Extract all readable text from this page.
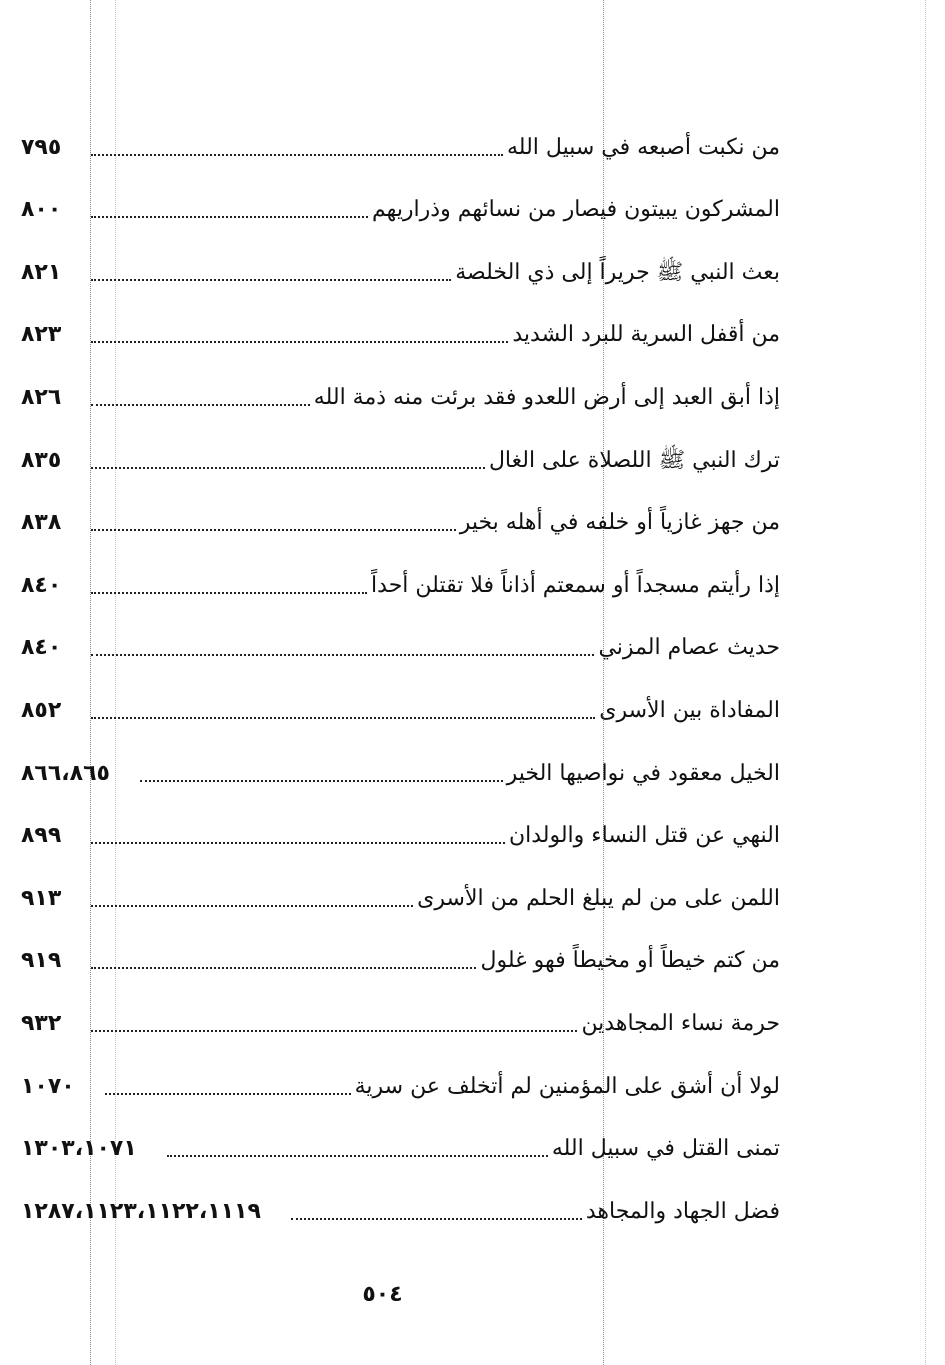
من نكبت أصبعه في سبيل الله
٧٩٥
المشركون يبيتون فيصار من نسائهم وذراريهم
٨٠٠
بعث النبي ﷺ جريراً إلى ذي الخلصة
٨٢١
من أقفل السرية للبرد الشديد
٨٢٣
إذا أبق العبد إلى أرض اللعدو فقد برئت منه ذمة الله
٨٢٦
ترك النبي ﷺ اللصلاة على الغال
٨٣٥
من جهز غازياً أو خلفه في أهله بخير
٨٣٨
إذا رأيتم مسجداً أو سمعتم أذاناً فلا تقتلن أحداً
٨٤٠
حديث عصام المزني
٨٤٠
المفاداة بين الأسرى
٨٥٢
الخيل معقود في نواصيها الخير
٨٦٦،٨٦٥
النهي عن قتل النساء والولدان
٨٩٩
اللمن على من لم يبلغ الحلم من الأسرى
٩١٣
من كتم خيطاً أو مخيطاً فهو غلول
٩١٩
حرمة نساء المجاهدين
٩٣٢
لولا أن أشق على المؤمنين لم أتخلف عن سرية
١٠٧٠
تمنى القتل في سبيل الله
١٣٠٣،١٠٧١
فضل الجهاد والمجاهد
١٢٨٧،١١٢٣،١١٢٢،١١١٩
٥٠٤
